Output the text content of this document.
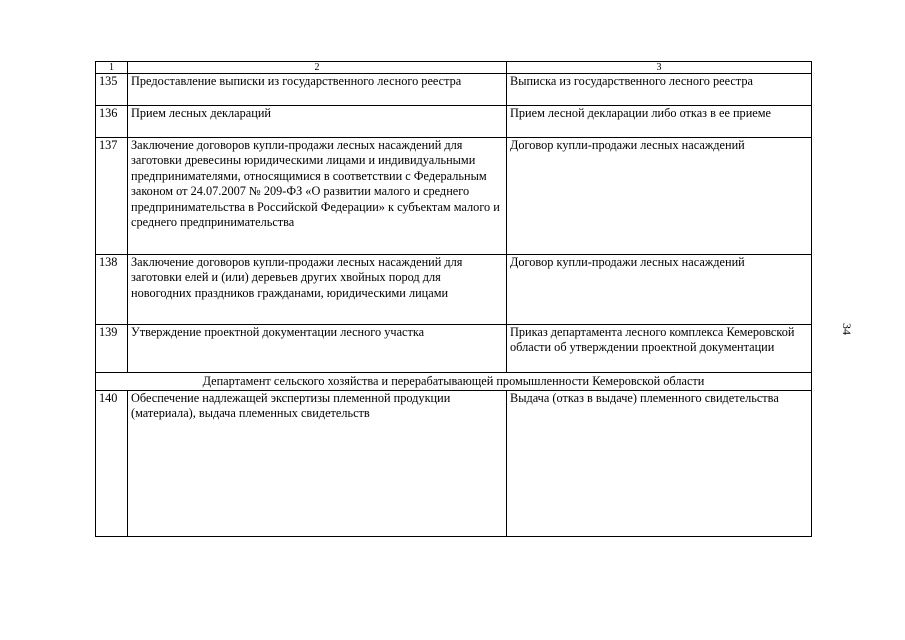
1	2	3
135	Предоставление выписки из государственного лесного реестра	Выписка из государственного лесного реестра
136	Прием лесных деклараций	Прием лесной декларации либо отказ в ее приеме
137	Заключение договоров купли-продажи лесных насаждений для заготовки древесины юридическими лицами и индивидуальными предпринимателями, относящимися в соответствии с Федеральным законом от 24.07.2007 № 209-ФЗ «О развитии малого и среднего предпринимательства в Российской Федерации» к субъектам малого и среднего предпринимательства	Договор купли-продажи лесных насаждений
138	Заключение договоров купли-продажи лесных насаждений для заготовки елей и (или) деревьев других хвойных пород для новогодних праздников гражданами, юридическими лицами	Договор купли-продажи лесных насаждений
139	Утверждение проектной документации лесного участка	Приказ департамента лесного комплекса Кемеровской области об утверждении проектной документации
Департамент сельского хозяйства и перерабатывающей промышленности Кемеровской области		
140	Обеспечение надлежащей экспертизы племенной продукции (материала), выдача племенных свидетельств	Выдача (отказ в выдаче) племенного свидетельства
34
